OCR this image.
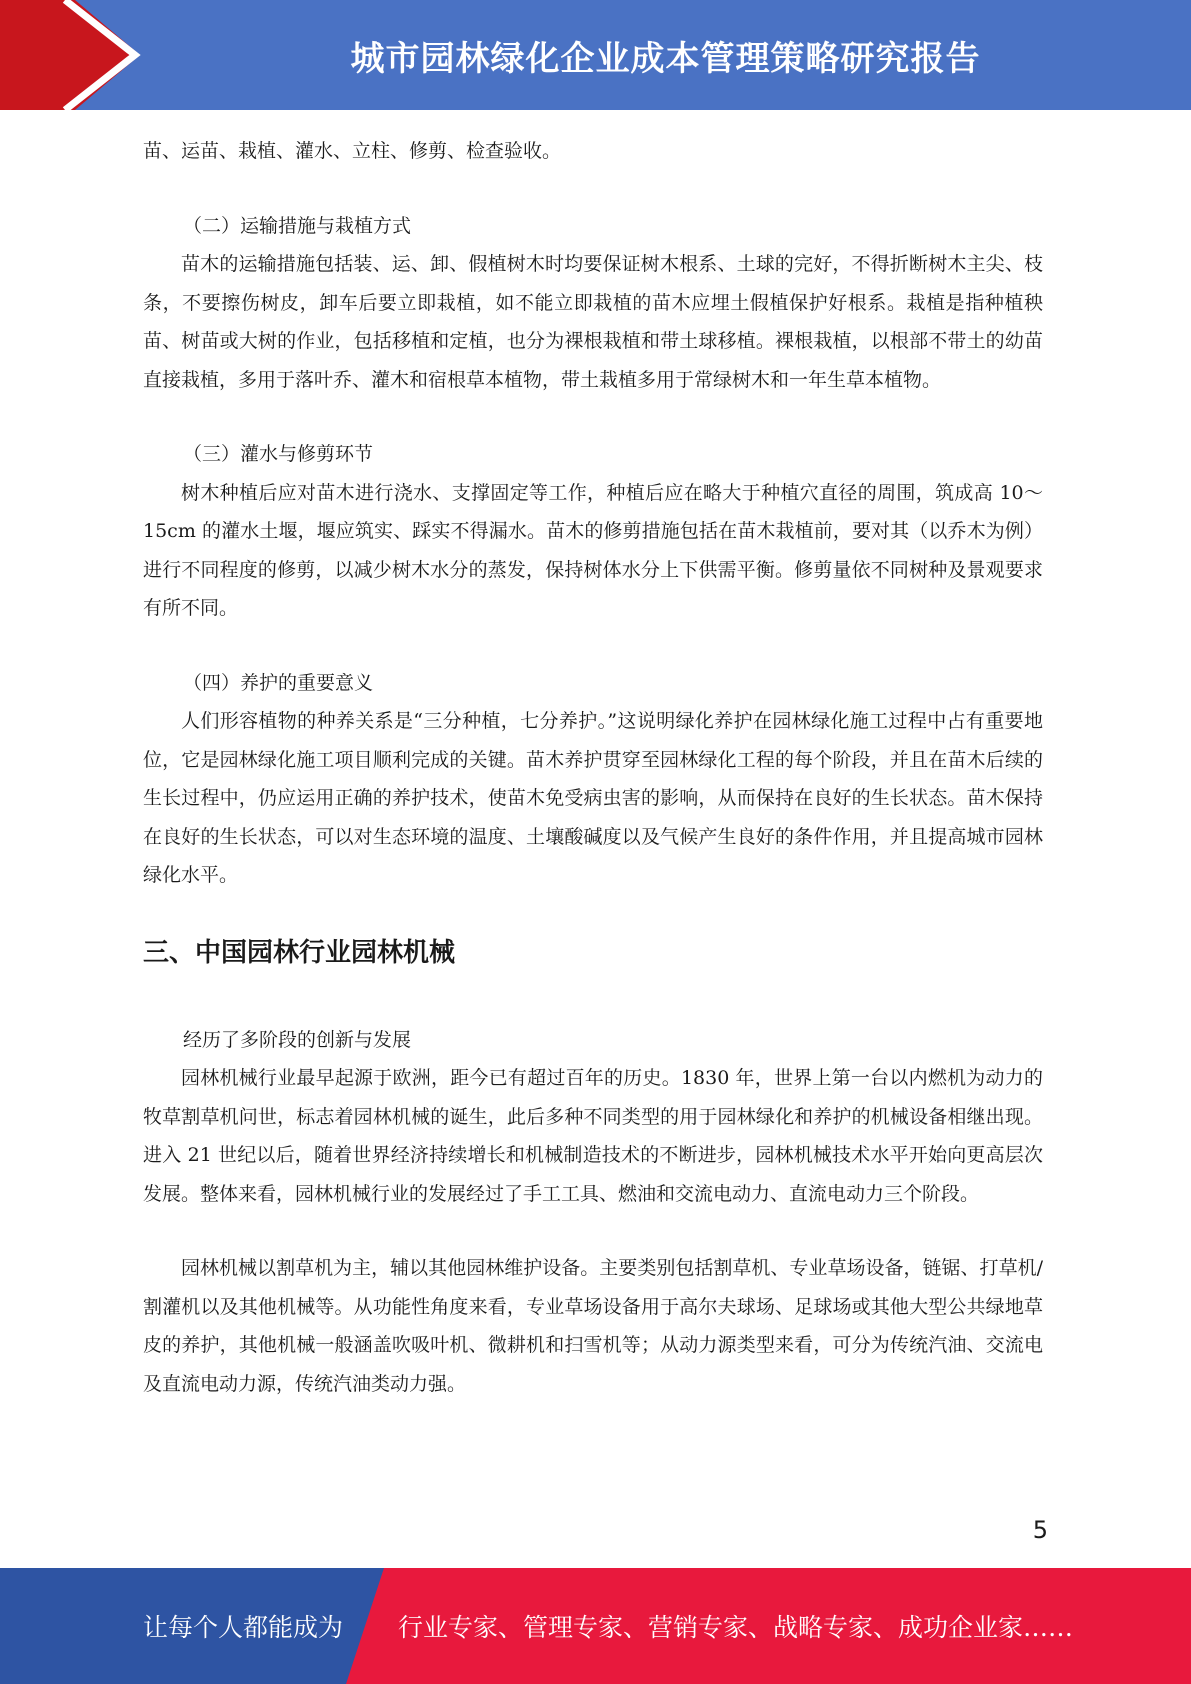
城市园林绿化企业成本管理策略研究报告

苗、运苗、栽植、灌水、立柱、修剪、检查验收。

（二）运输措施与栽植方式

苗木的运输措施包括装、运、卸、假植树木时均要保证树木根系、土球的完好，不得折断树木主尖、枝条，不要擦伤树皮，卸车后要立即栽植，如不能立即栽植的苗木应埋土假植保护好根系。栽植是指种植秧苗、树苗或大树的作业，包括移植和定植，也分为裸根栽植和带土球移植。裸根栽植，以根部不带土的幼苗直接栽植，多用于落叶乔、灌木和宿根草本植物，带土栽植多用于常绿树木和一年生草本植物。

（三）灌水与修剪环节

树木种植后应对苗木进行浇水、支撑固定等工作，种植后应在略大于种植穴直径的周围，筑成高 10～15cm 的灌水土堰，堰应筑实、踩实不得漏水。苗木的修剪措施包括在苗木栽植前，要对其（以乔木为例）进行不同程度的修剪，以减少树木水分的蒸发，保持树体水分上下供需平衡。修剪量依不同树种及景观要求有所不同。

（四）养护的重要意义

人们形容植物的种养关系是“三分种植，七分养护。”这说明绿化养护在园林绿化施工过程中占有重要地位，它是园林绿化施工项目顺利完成的关键。苗木养护贯穿至园林绿化工程的每个阶段，并且在苗木后续的生长过程中，仍应运用正确的养护技术，使苗木免受病虫害的影响，从而保持在良好的生长状态。苗木保持在良好的生长状态，可以对生态环境的温度、土壤酸碱度以及气候产生良好的条件作用，并且提高城市园林绿化水平。

三、中国园林行业园林机械

经历了多阶段的创新与发展

园林机械行业最早起源于欧洲，距今已有超过百年的历史。1830 年，世界上第一台以内燃机为动力的牧草割草机问世，标志着园林机械的诞生，此后多种不同类型的用于园林绿化和养护的机械设备相继出现。进入 21 世纪以后，随着世界经济持续增长和机械制造技术的不断进步，园林机械技术水平开始向更高层次发展。整体来看，园林机械行业的发展经过了手工工具、燃油和交流电动力、直流电动力三个阶段。

园林机械以割草机为主，辅以其他园林维护设备。主要类别包括割草机、专业草场设备，链锯、打草机/割灌机以及其他机械等。从功能性角度来看，专业草场设备用于高尔夫球场、足球场或其他大型公共绿地草皮的养护，其他机械一般涵盖吹吸叶机、微耕机和扫雪机等；从动力源类型来看，可分为传统汽油、交流电及直流电动力源，传统汽油类动力强。

5
让每个人都能成为 行业专家、管理专家、营销专家、战略专家、成功企业家……
